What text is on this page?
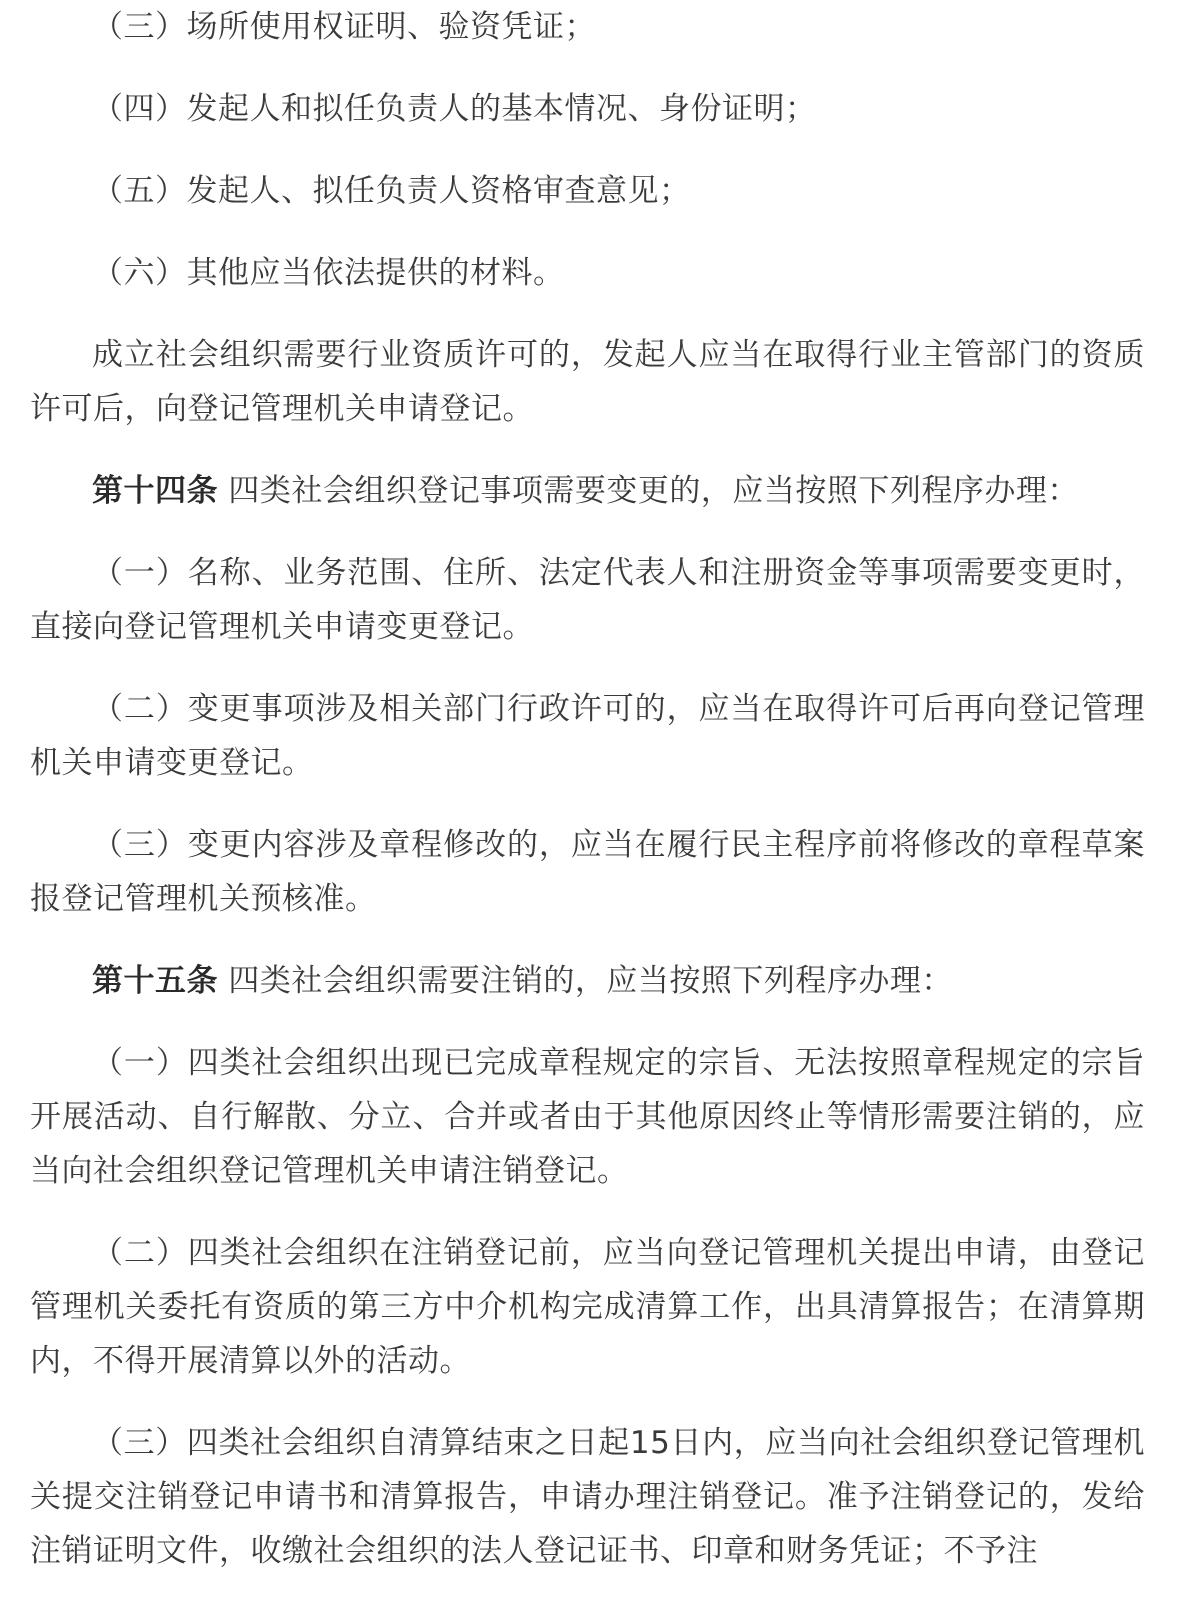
（三）场所使用权证明、验资凭证；

（四）发起人和拟任负责人的基本情况、身份证明；

（五）发起人、拟任负责人资格审查意见；

（六）其他应当依法提供的材料。

成立社会组织需要行业资质许可的，发起人应当在取得行业主管部门的资质许可后，向登记管理机关申请登记。

第十四条 四类社会组织登记事项需要变更的，应当按照下列程序办理：

（一）名称、业务范围、住所、法定代表人和注册资金等事项需要变更时，直接向登记管理机关申请变更登记。

（二）变更事项涉及相关部门行政许可的，应当在取得许可后再向登记管理机关申请变更登记。

（三）变更内容涉及章程修改的，应当在履行民主程序前将修改的章程草案报登记管理机关预核准。

第十五条 四类社会组织需要注销的，应当按照下列程序办理：

（一）四类社会组织出现已完成章程规定的宗旨、无法按照章程规定的宗旨开展活动、自行解散、分立、合并或者由于其他原因终止等情形需要注销的，应当向社会组织登记管理机关申请注销登记。

（二）四类社会组织在注销登记前，应当向登记管理机关提出申请，由登记管理机关委托有资质的第三方中介机构完成清算工作，出具清算报告；在清算期内，不得开展清算以外的活动。

（三）四类社会组织自清算结束之日起15日内，应当向社会组织登记管理机关提交注销登记申请书和清算报告，申请办理注销登记。准予注销登记的，发给注销证明文件，收缴社会组织的法人登记证书、印章和财务凭证；不予注
